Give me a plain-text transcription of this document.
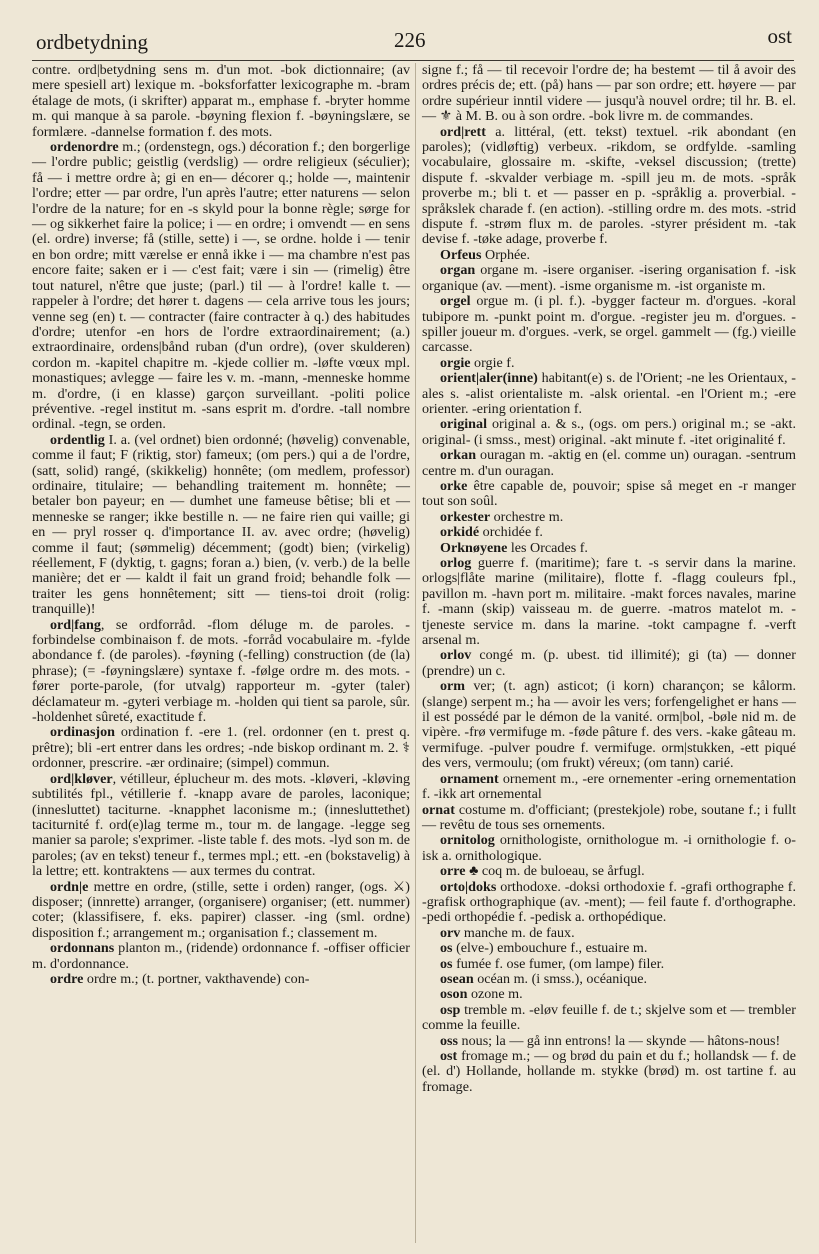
ordbetydning	226	ost

contre. ord|betydning sens m. d'un mot. -bok dictionnaire; (av mere spesiell art) lexique m. -boksforfatter lexicographe m. -bram étalage de mots, (i skrifter) apparat m., emphase f. -bryter homme m. qui manque à sa parole. -bøyning flexion f. -bøyningslære, se formlære. -dannelse formation f. des mots.

ordenordre m.; (ordenstegn, ogs.) décoration f.; den borgerlige — l'ordre public; geistlig (verdslig) — ordre religieux (séculier); få — i mettre ordre à; gi en en— décorer q.; holde —, maintenir l'ordre; etter — par ordre, l'un après l'autre; etter naturens — selon l'ordre de la nature; for en -s skyld pour la bonne règle; sørge for — og sikkerhet faire la police; i — en ordre; i omvendt — en sens (el. ordre) inverse; få (stille, sette) i —, se ordne. holde i — tenir en bon ordre; mitt værelse er ennå ikke i — ma chambre n'est pas encore faite; saken er i — c'est fait; være i sin — (rimelig) être tout naturel, n'être que juste; (parl.) til — à l'ordre! kalle t. — rappeler à l'ordre; det hører t. dagens — cela arrive tous les jours; venne seg (en) t. — contracter (faire contracter à q.) des habitudes d'ordre; utenfor -en hors de l'ordre extraordinairement; (a.) extraordinaire, ordens|bånd ruban (d'un ordre), (over skulderen) cordon m. -kapitel chapitre m. -kjede collier m. -løfte vœux mpl. monastiques; avlegge — faire les v. m. -mann, -menneske homme m. d'ordre, (i en klasse) garçon surveillant. -politi police préventive. -regel institut m. -sans esprit m. d'ordre. -tall nombre ordinal. -tegn, se orden.

ordentlig I. a. (vel ordnet) bien ordonné; (høvelig) convenable, comme il faut; F (riktig, stor) fameux; (om pers.) qui a de l'ordre, (satt, solid) rangé, (skikkelig) honnête; (om medlem, professor) ordinaire, titulaire; — behandling traitement m. honnête; — betaler bon payeur; en — dumhet une fameuse bêtise; bli et — menneske se ranger; ikke bestille n. — ne faire rien qui vaille; gi en — pryl rosser q. d'importance II. av. avec ordre; (høvelig) comme il faut; (sømmelig) décemment; (godt) bien; (virkelig) réellement, F (dyktig, t. gagns; foran a.) bien, (v. verb.) de la belle manière; det er — kaldt il fait un grand froid; behandle folk — traiter les gens honnêtement; sitt — tiens-toi droit (rolig: tranquille)!

ord|fang, se ordforråd. -flom déluge m. de paroles. -forbindelse combinaison f. de mots. -forråd vocabulaire m. -fylde abondance f. (de paroles). -føyning (-felling) construction (de (la) phrase); (= -føyningslære) syntaxe f. -følge ordre m. des mots. -fører porte-parole, (for utvalg) rapporteur m. -gyter (taler) déclamateur m. -gyteri verbiage m. -holden qui tient sa parole, sûr. -holdenhet sûreté, exactitude f.

ordinasjon ordination f. -ere 1. (rel. ordonner (en t. prest q. prêtre); bli -ert entrer dans les ordres; -nde biskop ordinant m. 2. ⚕ ordonner, prescrire. -ær ordinaire; (simpel) commun.

ord|kløver, vétilleur, éplucheur m. des mots. -kløveri, -kløving subtilités fpl., vétillerie f. -knapp avare de paroles, laconique; (innesluttet) taciturne. -knapphet laconisme m.; (innesluttethet) taciturnité f. ord(e)lag terme m., tour m. de langage. -legge seg manier sa parole; s'exprimer. -liste table f. des mots. -lyd son m. de paroles; (av en tekst) teneur f., termes mpl.; ett. -en (bokstavelig) à la lettre; ett. kontraktens — aux termes du contrat.

ordn|e mettre en ordre, (stille, sette i orden) ranger, (ogs. ⚔) disposer; (innrette) arranger, (organisere) organiser; (ett. nummer) coter; (klassifisere, f. eks. papirer) classer. -ing (sml. ordne) disposition f.; arrangement m.; organisation f.; classement m.

ordonnans planton m., (ridende) ordonnance f. -offiser officier m. d'ordonnance.

ordre ordre m.; (t. portner, vakthavende) con-

signe f.; få — til recevoir l'ordre de; ha bestemt — til å avoir des ordres précis de; ett. (på) hans — par son ordre; ett. høyere — par ordre supérieur inntil videre — jusqu'à nouvel ordre; til hr. B. el. — ⚜ à M. B. ou à son ordre. -bok livre m. de commandes.

ord|rett a. littéral, (ett. tekst) textuel. -rik abondant (en paroles); (vidløftig) verbeux. -rikdom, se ordfylde. -samling vocabulaire, glossaire m. -skifte, -veksel discussion; (trette) dispute f. -skvalder verbiage m. -spill jeu m. de mots. -språk proverbe m.; bli t. et — passer en p. -språklig a. proverbial. -språkslek charade f. (en action). -stilling ordre m. des mots. -strid dispute f. -strøm flux m. de paroles. -styrer président m. -tak devise f. -tøke adage, proverbe f.

Orfeus Orphée.

organ organe m. -isere organiser. -isering organisation f. -isk organique (av. —ment). -isme organisme m. -ist organiste m.

orgel orgue m. (i pl. f.). -bygger facteur m. d'orgues. -koral tubipore m. -punkt point m. d'orgue. -register jeu m. d'orgues. -spiller joueur m. d'orgues. -verk, se orgel. gammelt — (fg.) vieille carcasse.

orgie orgie f.

orient|aler(inne) habitant(e) s. de l'Orient; -ne les Orientaux, -ales s. -alist orientaliste m. -alsk oriental. -en l'Orient m.; -ere orienter. -ering orientation f.

original original a. & s., (ogs. om pers.) original m.; se -akt. original- (i smss., mest) original. -akt minute f. -itet originalité f.

orkan ouragan m. -aktig en (el. comme un) ouragan. -sentrum centre m. d'un ouragan.

orke être capable de, pouvoir; spise så meget en -r manger tout son soûl.

orkester orchestre m.

orkidé orchidée f.

Orknøyene les Orcades f.

orlog guerre f. (maritime); fare t. -s servir dans la marine. orlogs|flåte marine (militaire), flotte f. -flagg couleurs fpl., pavillon m. -havn port m. militaire. -makt forces navales, marine f. -mann (skip) vaisseau m. de guerre. -matros matelot m. -tjeneste service m. dans la marine. -tokt campagne f. -verft arsenal m.

orlov congé m. (p. ubest. tid illimité); gi (ta) — donner (prendre) un c.

orm ver; (t. agn) asticot; (i korn) charançon; se kålorm. (slange) serpent m.; ha — avoir les vers; forfengelighet er hans — il est possédé par le démon de la vanité. orm|bol, -bøle nid m. de vipère. -frø vermifuge m. -føde pâture f. des vers. -kake gâteau m. vermifuge. -pulver poudre f. vermifuge. orm|stukken, -ett piqué des vers, vermoulu; (om frukt) véreux; (om tann) carié.

ornament ornement m., -ere ornementer -ering ornementation f. -ikk art ornemental

ornat costume m. d'officiant; (prestekjole) robe, soutane f.; i fullt — revêtu de tous ses ornements.

ornitolog ornithologiste, ornithologue m. -i ornithologie f. o-isk a. ornithologique.

orre ♣ coq m. de buloeau, se årfugl.

orto|doks orthodoxe. -doksi orthodoxie f. -grafi orthographe f. -grafisk orthographique (av. -ment); — feil faute f. d'orthographe. -pedi orthopédie f. -pedisk a. orthopédique.

orv manche m. de faux.

os (elve-) embouchure f., estuaire m.

os fumée f. ose fumer, (om lampe) filer.

osean océan m. (i smss.), océanique.

oson ozone m.

osp tremble m. -eløv feuille f. de t.; skjelve som et — trembler comme la feuille.

oss nous; la — gå inn entrons! la — skynde — hâtons-nous!

ost fromage m.; — og brød du pain et du f.; hollandsk — f. de (el. d') Hollande, hollande m. stykke (brød) m. ost tartine f. au fromage.
